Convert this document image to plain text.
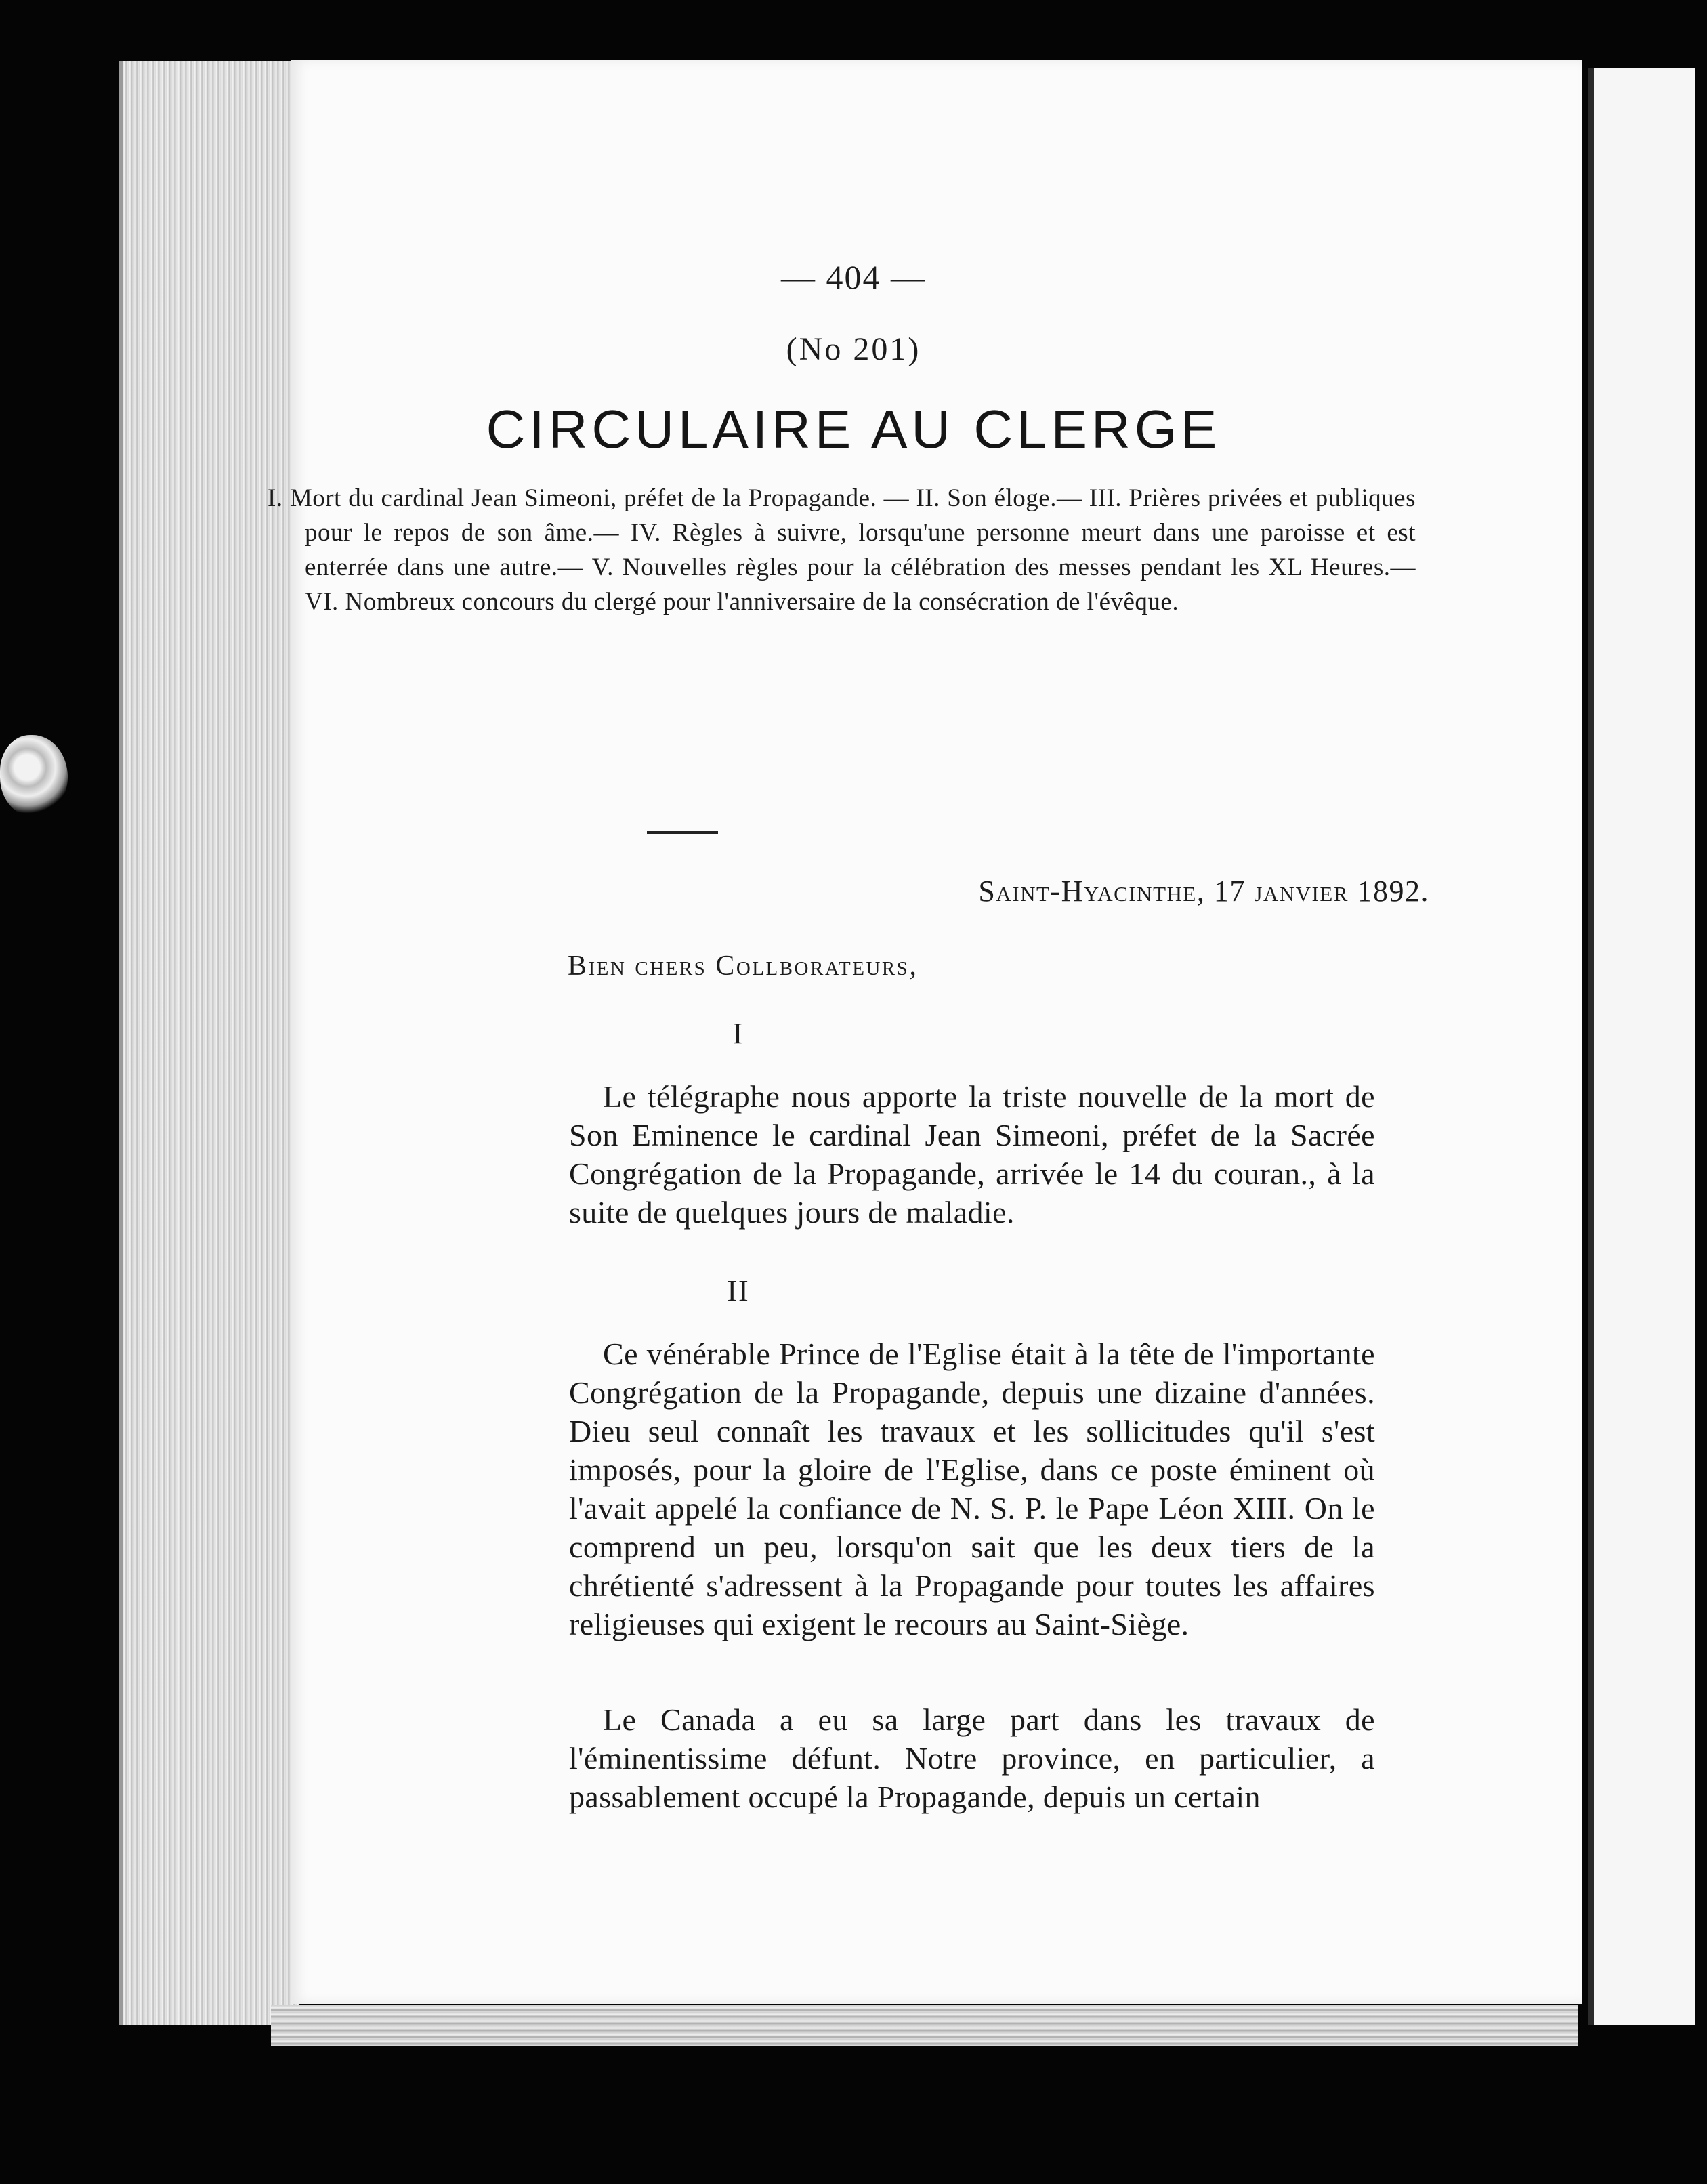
— 404 —
(No 201)
CIRCULAIRE AU CLERGE
I. Mort du cardinal Jean Simeoni, préfet de la Propagande. — II. Son éloge.— III. Prières privées et publiques pour le repos de son âme.— IV. Règles à suivre, lorsqu'une personne meurt dans une paroisse et est enterrée dans une autre.— V. Nouvelles règles pour la célébration des messes pendant les XL Heures.— VI. Nombreux concours du clergé pour l'anniversaire de la consécration de l'évêque.
Saint-Hyacinthe, 17 janvier 1892.
Bien chers Collborateurs,
I
Le télégraphe nous apporte la triste nouvelle de la mort de Son Eminence le cardinal Jean Simeoni, préfet de la Sacrée Congrégation de la Propagande, arrivée le 14 du couran., à la suite de quelques jours de maladie.
II
Ce vénérable Prince de l'Eglise était à la tête de l'importante Congrégation de la Propagande, depuis une dizaine d'années. Dieu seul connaît les travaux et les sollicitudes qu'il s'est imposés, pour la gloire de l'Eglise, dans ce poste éminent où l'avait appelé la confiance de N. S. P. le Pape Léon XIII. On le comprend un peu, lorsqu'on sait que les deux tiers de la chrétienté s'adressent à la Propagande pour toutes les affaires religieuses qui exigent le recours au Saint-Siège.
Le Canada a eu sa large part dans les travaux de l'éminentissime défunt. Notre province, en particulier, a passablement occupé la Propagande, depuis un certain
